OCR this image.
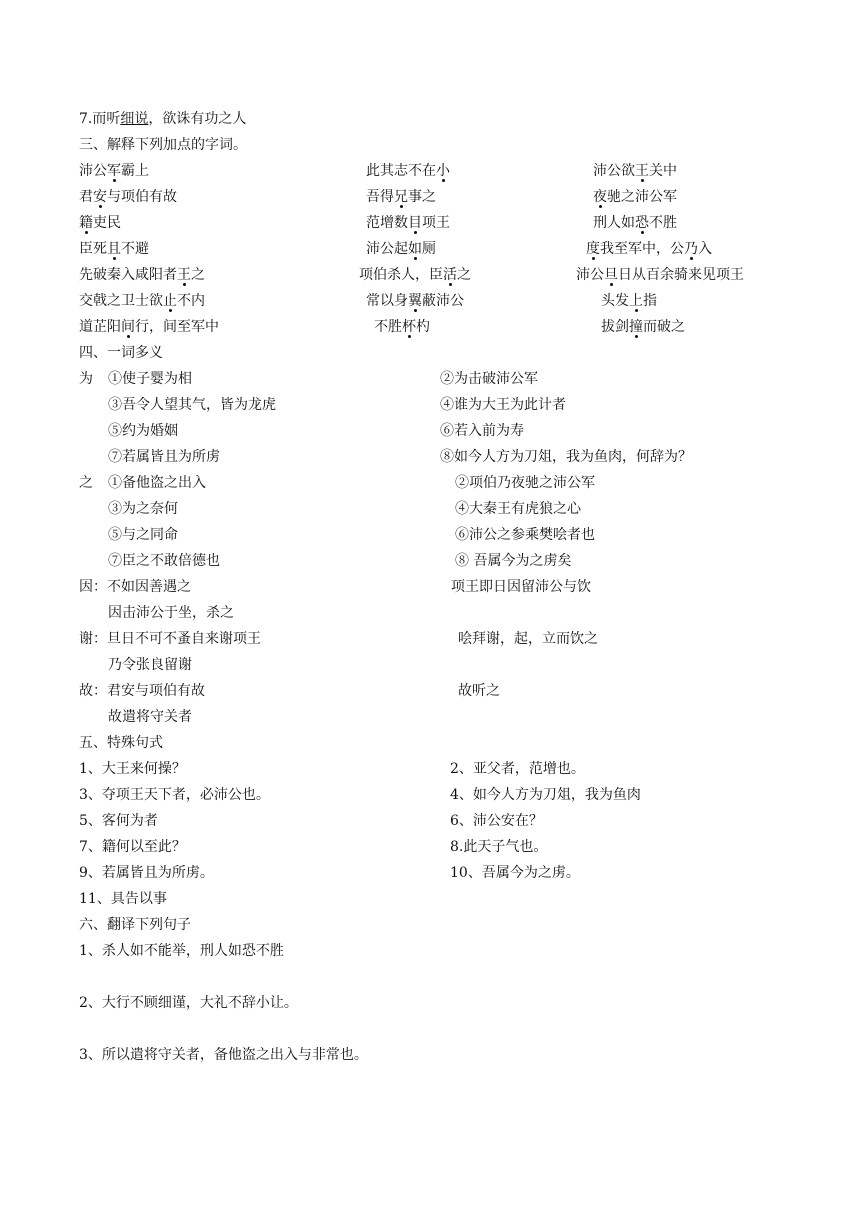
7.而听细说，欲诛有功之人
三、解释下列加点的字词。
沛公军霸上	此其志不在小	沛公欲王关中
君安与项伯有故	吾得兄事之	夜驰之沛公军
籍吏民	范增数目项王	刑人如恐不胜
臣死且不避	沛公起如厕	度我至军中，公乃入
先破秦入咸阳者王之	项伯杀人，臣活之	沛公旦日从百余骑来见项王
交戟之卫士欲止不内	常以身翼蔽沛公	头发上指
道芷阳间行，间至军中	不胜杯杓	拔剑撞而破之
四、一词多义
为 ①使子婴为相	②为击破沛公军
③吾令人望其气，皆为龙虎	④谁为大王为此计者
⑤约为婚姻	⑥若入前为寿
⑦若属皆且为所虏	⑧如今人方为刀俎，我为鱼肉，何辞为？
之 ①备他盗之出入	②项伯乃夜驰之沛公军
③为之奈何	④大秦王有虎狼之心
⑤与之同命	⑥沛公之参乘樊哙者也
⑦臣之不敢倍德也	⑧ 吾属今为之虏矣
因：不如因善遇之	项王即日因留沛公与饮
因击沛公于坐，杀之
谢：旦日不可不蚤自来谢项王	哙拜谢，起，立而饮之
乃令张良留谢
故：君安与项伯有故	故听之
故遣将守关者
五、特殊句式
1、大王来何操？	2、亚父者，范增也。
3、夺项王天下者，必沛公也。	4、如今人方为刀俎，我为鱼肉
5、客何为者	6、沛公安在？
7、籍何以至此？	8.此天子气也。
9、若属皆且为所虏。	10、吾属今为之虏。
11、具告以事
六、翻译下列句子
1、杀人如不能举，刑人如恐不胜
2、大行不顾细谨，大礼不辞小让。
3、所以遣将守关者，备他盗之出入与非常也。
